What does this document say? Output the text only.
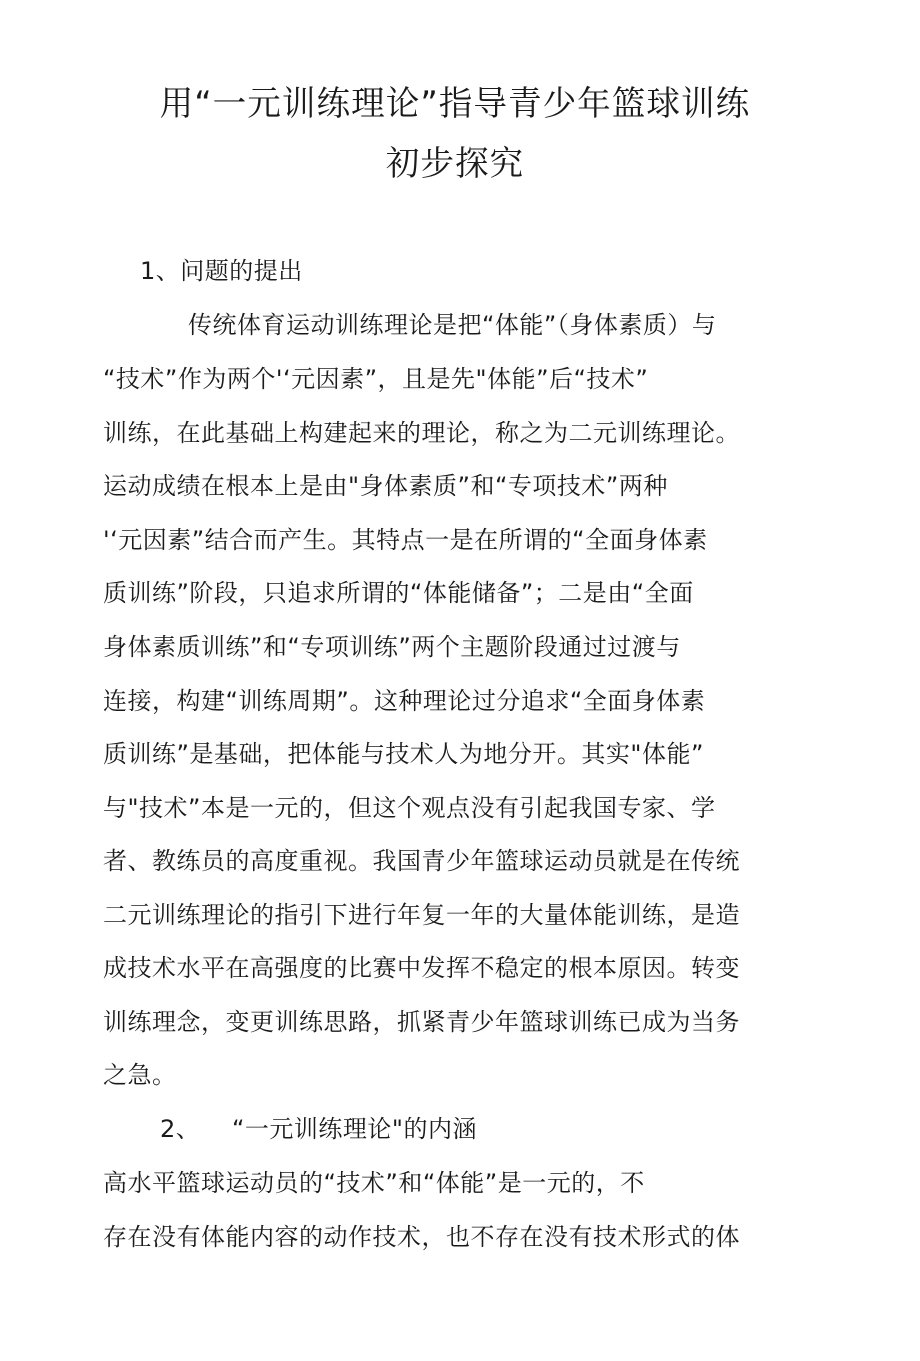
用“一元训练理论”指导青少年篮球训练
初步探究
1、问题的提出
传统体育运动训练理论是把“体能”（身体素质）与
“技术”作为两个'‘元因素”，且是先"体能”后“技术”
训练，在此基础上构建起来的理论，称之为二元训练理论。
运动成绩在根本上是由"身体素质”和“专项技术”两种
'‘元因素”结合而产生。其特点一是在所谓的“全面身体素
质训练”阶段，只追求所谓的“体能储备”；二是由“全面
身体素质训练”和“专项训练”两个主题阶段通过过渡与
连接，构建“训练周期”。这种理论过分追求“全面身体素
质训练”是基础，把体能与技术人为地分开。其实"体能”
与"技术”本是一元的，但这个观点没有引起我国专家、学
者、教练员的高度重视。我国青少年篮球运动员就是在传统
二元训练理论的指引下进行年复一年的大量体能训练，是造
成技术水平在高强度的比赛中发挥不稳定的根本原因。转变
训练理念，变更训练思路，抓紧青少年篮球训练已成为当务
之急。
2、 “一元训练理论"的内涵
高水平篮球运动员的“技术”和“体能”是一元的，不
存在没有体能内容的动作技术，也不存在没有技术形式的体
